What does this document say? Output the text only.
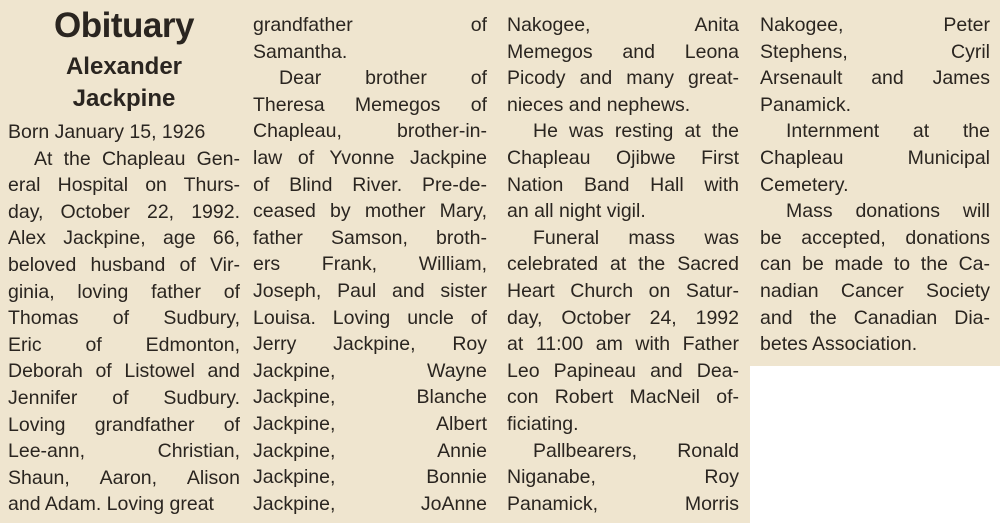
Obituary
Alexander
Jackpine
Born January 15, 1926
At the Chapleau Gen-
eral Hospital on Thurs-
day, October 22, 1992.
Alex Jackpine, age 66,
beloved husband of Vir-
ginia, loving father of
Thomas of Sudbury,
Eric of Edmonton,
Deborah of Listowel and
Jennifer of Sudbury.
Loving grandfather of
Lee-ann, Christian,
Shaun, Aaron, Alison
and Adam. Loving great
grandfather of
Samantha.
Dear brother of
Theresa Memegos of
Chapleau, brother-in-
law of Yvonne Jackpine
of Blind River. Pre-de-
ceased by mother Mary,
father Samson, broth-
ers Frank, William,
Joseph, Paul and sister
Louisa. Loving uncle of
Jerry Jackpine, Roy
Jackpine, Wayne
Jackpine, Blanche
Jackpine, Albert
Jackpine, Annie
Jackpine, Bonnie
Jackpine, JoAnne
Nakogee, Anita
Memegos and Leona
Picody and many great-
nieces and nephews.
He was resting at the
Chapleau Ojibwe First
Nation Band Hall with
an all night vigil.
Funeral mass was
celebrated at the Sacred
Heart Church on Satur-
day, October 24, 1992
at 11:00 am with Father
Leo Papineau and Dea-
con Robert MacNeil of-
ficiating.
Pallbearers, Ronald
Niganabe, Roy
Panamick, Morris
Nakogee, Peter
Stephens, Cyril
Arsenault and James
Panamick.
Internment at the
Chapleau Municipal
Cemetery.
Mass donations will
be accepted, donations
can be made to the Ca-
nadian Cancer Society
and the Canadian Dia-
betes Association.
